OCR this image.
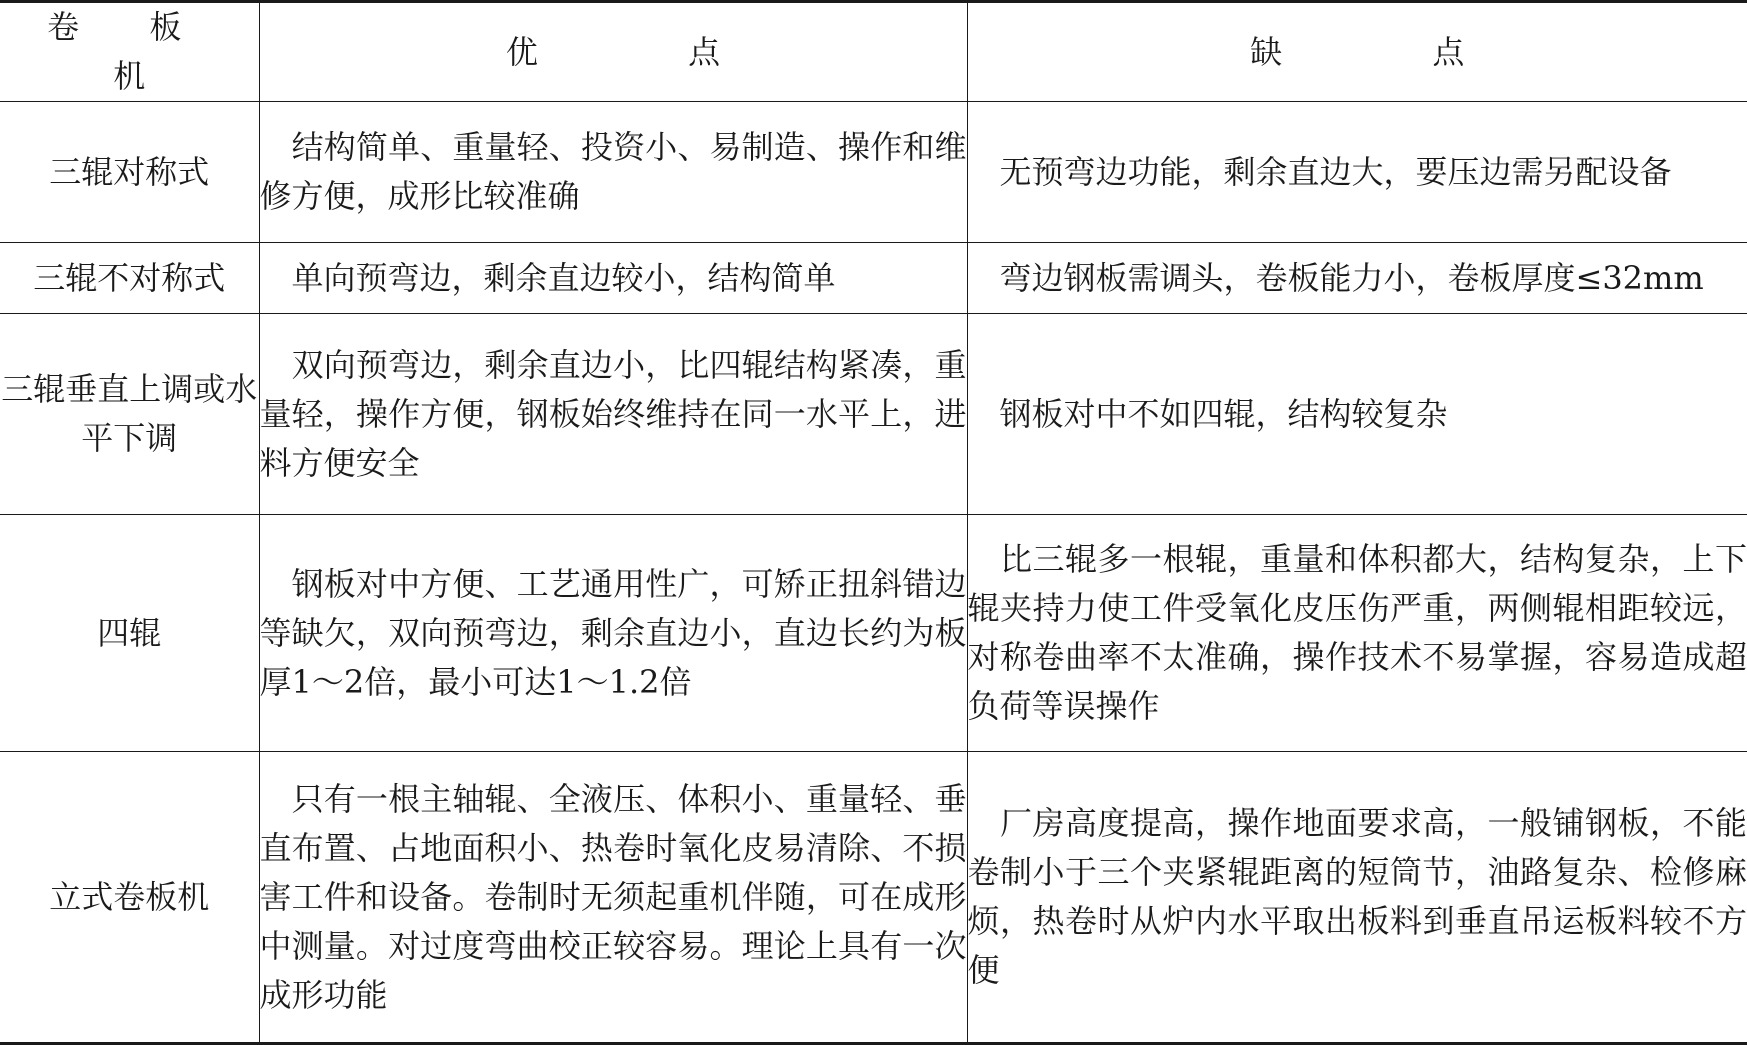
卷 板 机	优 点	缺 点
三辊对称式	结构简单、重量轻、投资小、易制造、操作和维修方便，成形比较准确	无预弯边功能，剩余直边大，要压边需另配设备
三辊不对称式	单向预弯边，剩余直边较小，结构简单	弯边钢板需调头，卷板能力小，卷板厚度≤32mm
三辊垂直上调或水平下调	双向预弯边，剩余直边小，比四辊结构紧凑，重量轻，操作方便，钢板始终维持在同一水平上，进料方便安全	钢板对中不如四辊，结构较复杂
四辊	钢板对中方便、工艺通用性广，可矫正扭斜错边等缺欠，双向预弯边，剩余直边小，直边长约为板厚1～2倍，最小可达1～1.2倍	比三辊多一根辊，重量和体积都大，结构复杂，上下辊夹持力使工件受氧化皮压伤严重，两侧辊相距较远，对称卷曲率不太准确，操作技术不易掌握，容易造成超负荷等误操作
立式卷板机	只有一根主轴辊、全液压、体积小、重量轻、垂直布置、占地面积小、热卷时氧化皮易清除、不损害工件和设备。卷制时无须起重机伴随，可在成形中测量。对过度弯曲校正较容易。理论上具有一次成形功能	厂房高度提高，操作地面要求高，一般铺钢板，不能卷制小于三个夹紧辊距离的短筒节，油路复杂、检修麻烦，热卷时从炉内水平取出板料到垂直吊运板料较不方便
